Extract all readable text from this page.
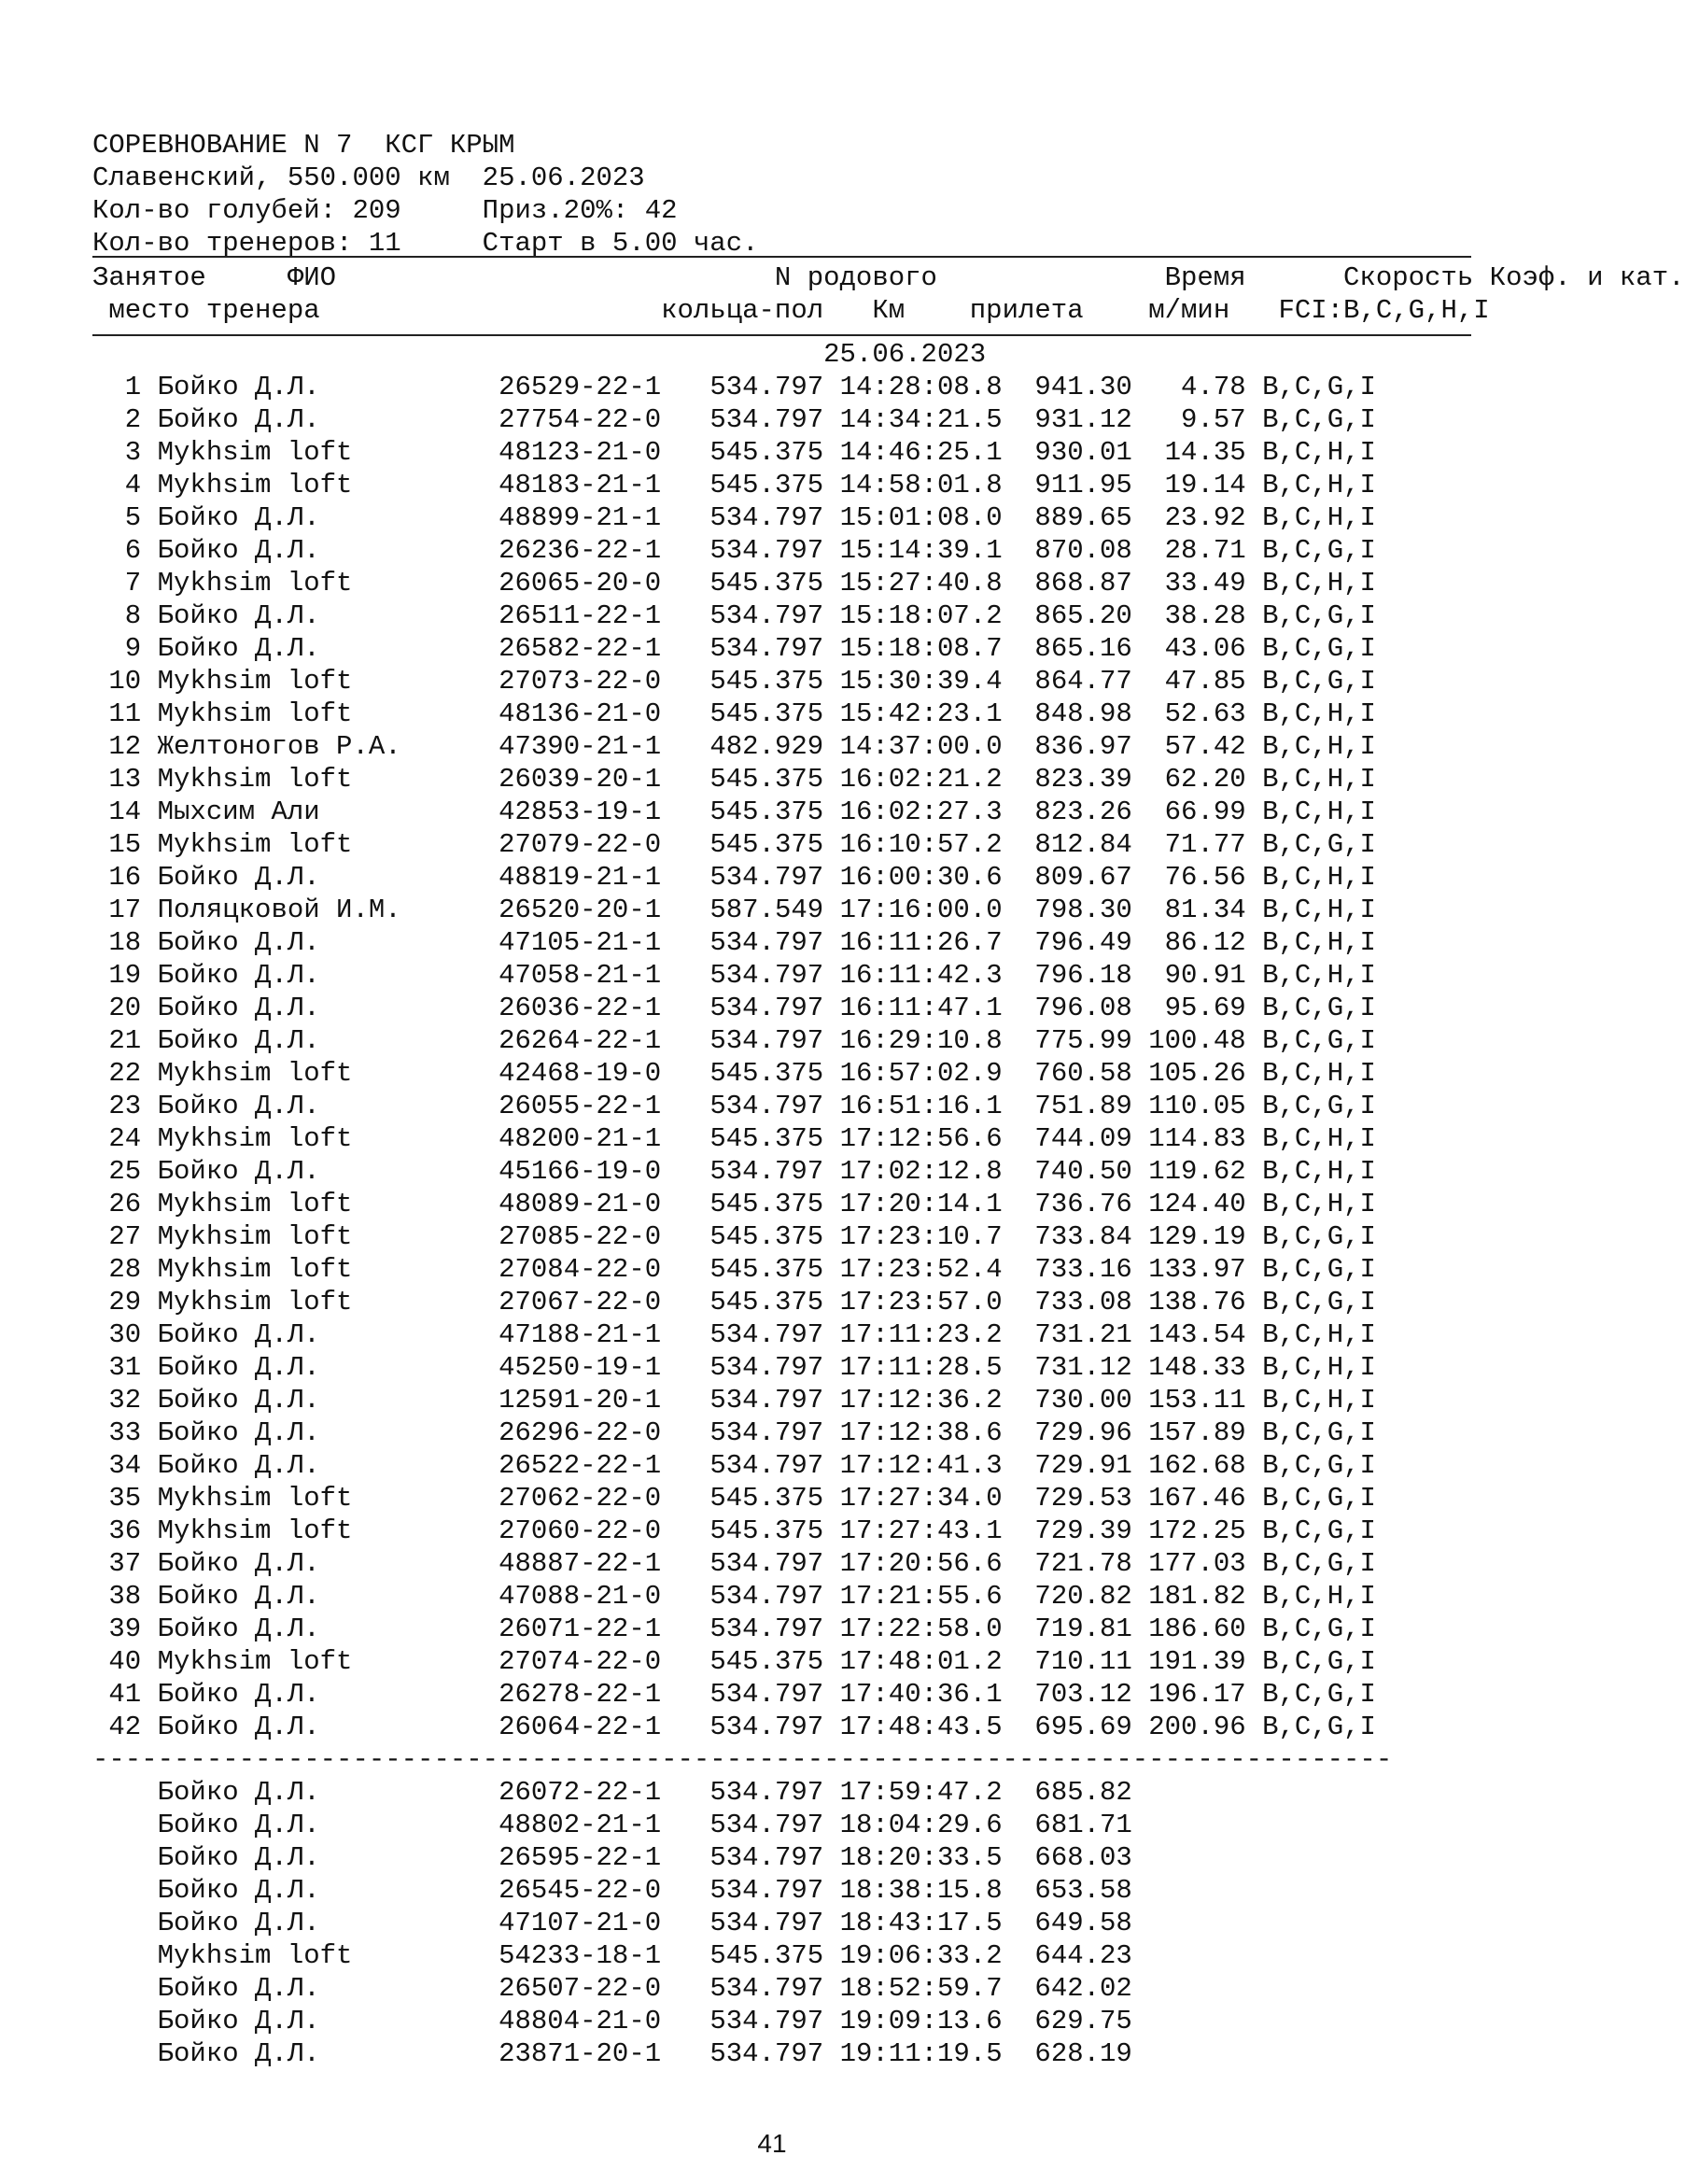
СОРЕВНОВАНИЕ N 7  КСГ КРЫМ
Славенский, 550.000 км  25.06.2023
Кол-во голубей: 209     Приз.20%: 42
Кол-во тренеров: 11     Старт в 5.00 час.
Занятое     ФИО                           N родового              Время      Скорость Коэф. и кат.
место тренера                     кольца-пол   Км    прилета    м/мин   FCI:B,C,G,H,I
25.06.2023
1 Бойко Д.Л.           26529-22-1   534.797 14:28:08.8  941.30   4.78 B,C,G,I
2 Бойко Д.Л.           27754-22-0   534.797 14:34:21.5  931.12   9.57 B,C,G,I
3 Mykhsim loft         48123-21-0   545.375 14:46:25.1  930.01  14.35 B,C,H,I
4 Mykhsim loft         48183-21-1   545.375 14:58:01.8  911.95  19.14 B,C,H,I
5 Бойко Д.Л.           48899-21-1   534.797 15:01:08.0  889.65  23.92 B,C,H,I
6 Бойко Д.Л.           26236-22-1   534.797 15:14:39.1  870.08  28.71 B,C,G,I
7 Mykhsim loft         26065-20-0   545.375 15:27:40.8  868.87  33.49 B,C,H,I
8 Бойко Д.Л.           26511-22-1   534.797 15:18:07.2  865.20  38.28 B,C,G,I
9 Бойко Д.Л.           26582-22-1   534.797 15:18:08.7  865.16  43.06 B,C,G,I
10 Mykhsim loft         27073-22-0   545.375 15:30:39.4  864.77  47.85 B,C,G,I
11 Mykhsim loft         48136-21-0   545.375 15:42:23.1  848.98  52.63 B,C,H,I
12 Желтоногов Р.А.      47390-21-1   482.929 14:37:00.0  836.97  57.42 B,C,H,I
13 Mykhsim loft         26039-20-1   545.375 16:02:21.2  823.39  62.20 B,C,H,I
14 Мыхсим Али           42853-19-1   545.375 16:02:27.3  823.26  66.99 B,C,H,I
15 Mykhsim loft         27079-22-0   545.375 16:10:57.2  812.84  71.77 B,C,G,I
16 Бойко Д.Л.           48819-21-1   534.797 16:00:30.6  809.67  76.56 B,C,H,I
17 Поляцковой И.М.      26520-20-1   587.549 17:16:00.0  798.30  81.34 B,C,H,I
18 Бойко Д.Л.           47105-21-1   534.797 16:11:26.7  796.49  86.12 B,C,H,I
19 Бойко Д.Л.           47058-21-1   534.797 16:11:42.3  796.18  90.91 B,C,H,I
20 Бойко Д.Л.           26036-22-1   534.797 16:11:47.1  796.08  95.69 B,C,G,I
21 Бойко Д.Л.           26264-22-1   534.797 16:29:10.8  775.99 100.48 B,C,G,I
22 Mykhsim loft         42468-19-0   545.375 16:57:02.9  760.58 105.26 B,C,H,I
23 Бойко Д.Л.           26055-22-1   534.797 16:51:16.1  751.89 110.05 B,C,G,I
24 Mykhsim loft         48200-21-1   545.375 17:12:56.6  744.09 114.83 B,C,H,I
25 Бойко Д.Л.           45166-19-0   534.797 17:02:12.8  740.50 119.62 B,C,H,I
26 Mykhsim loft         48089-21-0   545.375 17:20:14.1  736.76 124.40 B,C,H,I
27 Mykhsim loft         27085-22-0   545.375 17:23:10.7  733.84 129.19 B,C,G,I
28 Mykhsim loft         27084-22-0   545.375 17:23:52.4  733.16 133.97 B,C,G,I
29 Mykhsim loft         27067-22-0   545.375 17:23:57.0  733.08 138.76 B,C,G,I
30 Бойко Д.Л.           47188-21-1   534.797 17:11:23.2  731.21 143.54 B,C,H,I
31 Бойко Д.Л.           45250-19-1   534.797 17:11:28.5  731.12 148.33 B,C,H,I
32 Бойко Д.Л.           12591-20-1   534.797 17:12:36.2  730.00 153.11 B,C,H,I
33 Бойко Д.Л.           26296-22-0   534.797 17:12:38.6  729.96 157.89 B,C,G,I
34 Бойко Д.Л.           26522-22-1   534.797 17:12:41.3  729.91 162.68 B,C,G,I
35 Mykhsim loft         27062-22-0   545.375 17:27:34.0  729.53 167.46 B,C,G,I
36 Mykhsim loft         27060-22-0   545.375 17:27:43.1  729.39 172.25 B,C,G,I
37 Бойко Д.Л.           48887-22-1   534.797 17:20:56.6  721.78 177.03 B,C,G,I
38 Бойко Д.Л.           47088-21-0   534.797 17:21:55.6  720.82 181.82 B,C,H,I
39 Бойко Д.Л.           26071-22-1   534.797 17:22:58.0  719.81 186.60 B,C,G,I
40 Mykhsim loft         27074-22-0   545.375 17:48:01.2  710.11 191.39 B,C,G,I
41 Бойко Д.Л.           26278-22-1   534.797 17:40:36.1  703.12 196.17 B,C,G,I
42 Бойко Д.Л.           26064-22-1   534.797 17:48:43.5  695.69 200.96 B,C,G,I
--------------------------------------------------------------------------------
Бойко Д.Л.           26072-22-1   534.797 17:59:47.2  685.82
Бойко Д.Л.           48802-21-1   534.797 18:04:29.6  681.71
Бойко Д.Л.           26595-22-1   534.797 18:20:33.5  668.03
Бойко Д.Л.           26545-22-0   534.797 18:38:15.8  653.58
Бойко Д.Л.           47107-21-0   534.797 18:43:17.5  649.58
Mykhsim loft         54233-18-1   545.375 19:06:33.2  644.23
Бойко Д.Л.           26507-22-0   534.797 18:52:59.7  642.02
Бойко Д.Л.           48804-21-0   534.797 19:09:13.6  629.75
Бойко Д.Л.           23871-20-1   534.797 19:11:19.5  628.19
41
